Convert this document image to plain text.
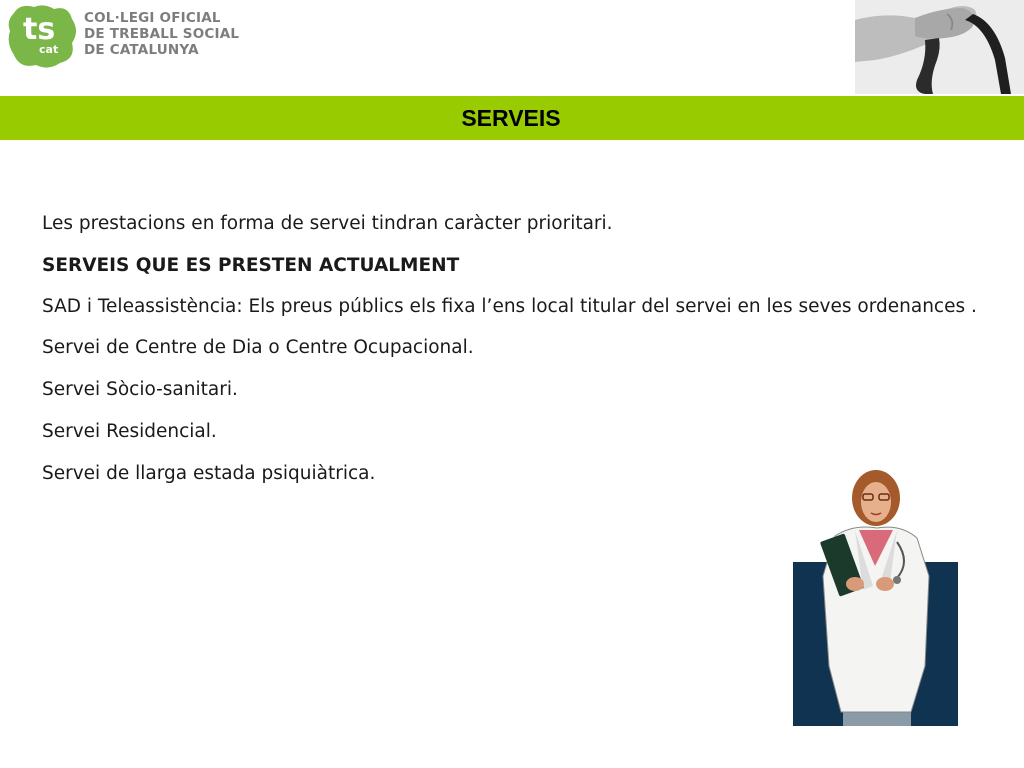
ts
cat
COL·LEGI OFICIAL
DE TREBALL SOCIAL
DE CATALUNYA
SERVEIS

Les prestacions en forma de servei tindran caràcter prioritari.

SERVEIS QUE ES PRESTEN ACTUALMENT

SAD i Teleassistència: Els preus públics els fixa l’ens local titular del servei en les seves ordenances .

Servei de Centre de Dia o Centre Ocupacional.

Servei Sòcio-sanitari.

Servei Residencial.

Servei de llarga estada psiquiàtrica.
